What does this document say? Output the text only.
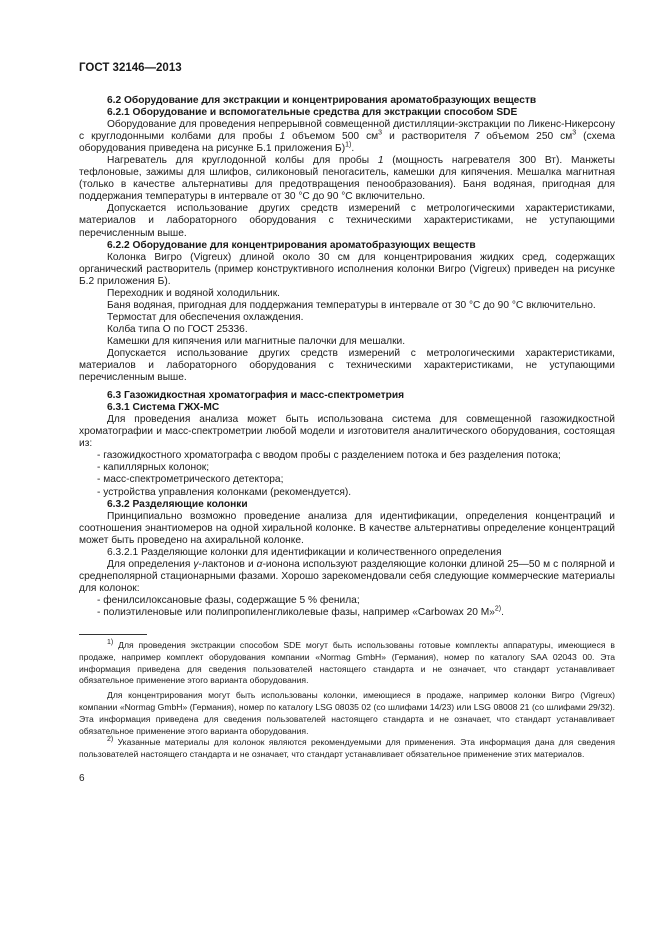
ГОСТ 32146—2013

6.2 Оборудование для экстракции и концентрирования ароматобразующих веществ

6.2.1 Оборудование и вспомогательные средства для экстракции способом SDE

Оборудование для проведения непрерывной совмещенной дистилляции-экстракции по Ликенс-Никерсону с круглодонными колбами для пробы 1 объемом 500 $см^3$ и растворителя 7 объемом 250 $см^3$ (схема оборудования приведена на рисунке Б.1 приложения Б)$^{1)}$.

Нагреватель для круглодонной колбы для пробы 1 (мощность нагревателя 300 Вт). Манжеты тефлоновые, зажимы для шлифов, силиконовый пеногаситель, камешки для кипячения. Мешалка магнитная (только в качестве альтернативы для предотвращения пенообразования). Баня водяная, пригодная для поддержания температуры в интервале от 30 °С до 90 °С включительно.

Допускается использование других средств измерений с метрологическими характеристиками, материалов и лабораторного оборудования с техническими характеристиками, не уступающими перечисленным выше.

6.2.2 Оборудование для концентрирования ароматобразующих веществ

Колонка Вигро (Vigreux) длиной около 30 см для концентрирования жидких сред, содержащих органический растворитель (пример конструктивного исполнения колонки Вигро (Vigreux) приведен на рисунке Б.2 приложения Б).

Переходник и водяной холодильник.

Баня водяная, пригодная для поддержания температуры в интервале от 30 °С до 90 °С включительно.

Термостат для обеспечения охлаждения.

Колба типа О по ГОСТ 25336.

Камешки для кипячения или магнитные палочки для мешалки.

Допускается использование других средств измерений с метрологическими характеристиками, материалов и лабораторного оборудования с техническими характеристиками, не уступающими перечисленным выше.

6.3 Газожидкостная хроматография и масс-спектрометрия

6.3.1 Система ГЖХ-МС

Для проведения анализа может быть использована система для совмещенной газожидкостной хроматографии и масс-спектрометрии любой модели и изготовителя аналитического оборудования, состоящая из:

- газожидкостного хроматографа с вводом пробы с разделением потока и без разделения потока;
- капиллярных колонок;
- масс-спектрометрического детектора;
- устройства управления колонками (рекомендуется).

6.3.2 Разделяющие колонки

Принципиально возможно проведение анализа для идентификации, определения концентраций и соотношения энантиомеров на одной хиральной колонке. В качестве альтернативы определение концентраций может быть проведено на ахиральной колонке.

6.3.2.1 Разделяющие колонки для идентификации и количественного определения

Для определения γ-лактонов и α-ионона используют разделяющие колонки длиной 25—50 м с полярной и среднеполярной стационарными фазами. Хорошо зарекомендовали себя следующие коммерческие материалы для колонок:

- фенилсилоксановые фазы, содержащие 5 % фенила;
- полиэтиленовые или полипропиленгликолевые фазы, например «Carbowax 20 M»$^{2)}$.

$^{1)}$ Для проведения экстракции способом SDE могут быть использованы готовые комплекты аппаратуры, имеющиеся в продаже, например комплект оборудования компании «Normag GmbH» (Германия), номер по каталогу SAA 02043 00. Эта информация приведена для сведения пользователей настоящего стандарта и не означает, что стандарт устанавливает обязательное применение этого варианта оборудования.

Для концентрирования могут быть использованы колонки, имеющиеся в продаже, например колонки Вигро (Vigreux) компании «Normag GmbH» (Германия), номер по каталогу LSG 08035 02 (со шлифами 14/23) или LSG 08008 21 (со шлифами 29/32). Эта информация приведена для сведения пользователей настоящего стандарта и не означает, что стандарт устанавливает обязательное применение этого варианта оборудования.

$^{2)}$ Указанные материалы для колонок являются рекомендуемыми для применения. Эта информация дана для сведения пользователей настоящего стандарта и не означает, что стандарт устанавливает обязательное применение этих материалов.

6
